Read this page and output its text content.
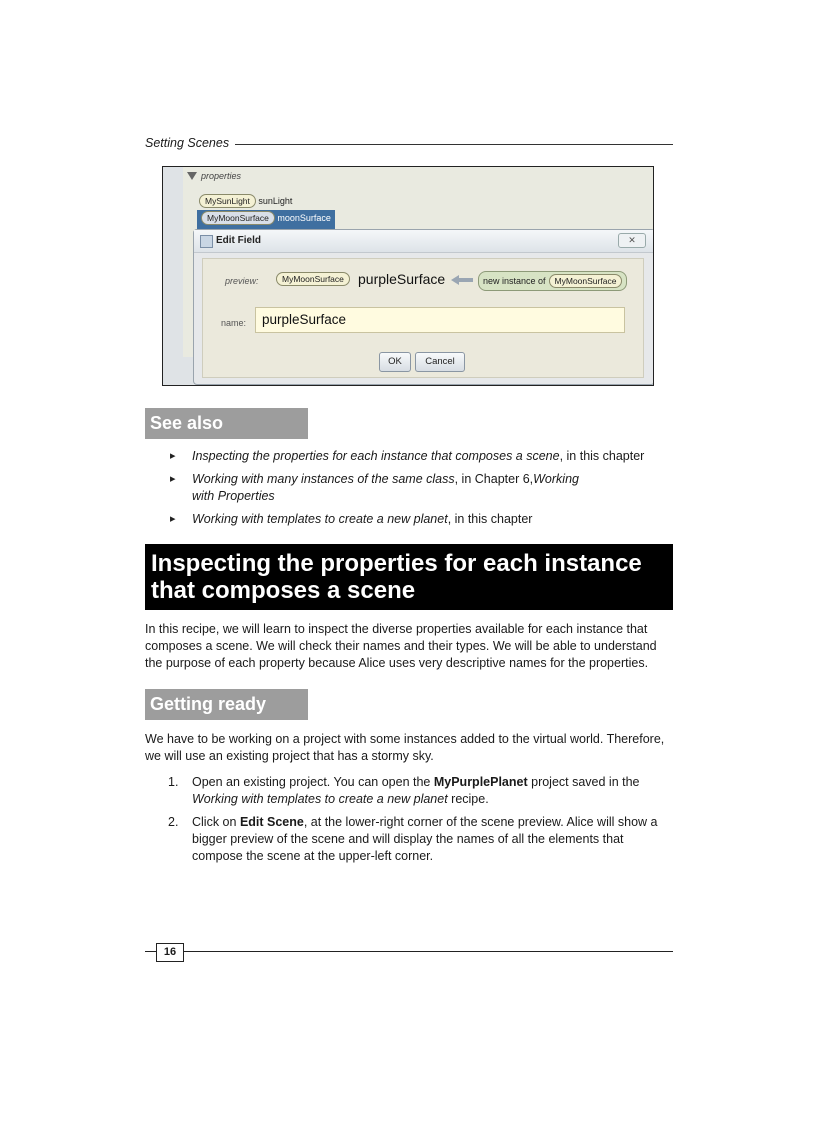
Setting Scenes
properties
MySunLight sunLight
MyMoonSurface moonSurface
Edit Field	✕
preview:	MyMoonSurface	purpleSurface	new instance of MyMoonSurface
name:	purpleSurface
OK	Cancel
See also
▸ Inspecting the properties for each instance that composes a scene, in this chapter
▸ Working with many instances of the same class, in Chapter 6,Working
with Properties
▸ Working with templates to create a new planet, in this chapter
Inspecting the properties for each instance that composes a scene

In this recipe, we will learn to inspect the diverse properties available for each instance that composes a scene. We will check their names and their types. We will be able to understand the purpose of each property because Alice uses very descriptive names for the properties.

Getting ready

We have to be working on a project with some instances added to the virtual world. Therefore, we will use an existing project that has a stormy sky.

1. Open an existing project. You can open the MyPurplePlanet project saved in the
Working with templates to create a new planet recipe.
2. Click on Edit Scene, at the lower-right corner of the scene preview. Alice will show a bigger preview of the scene and will display the names of all the elements that compose the scene at the upper-left corner.
16
